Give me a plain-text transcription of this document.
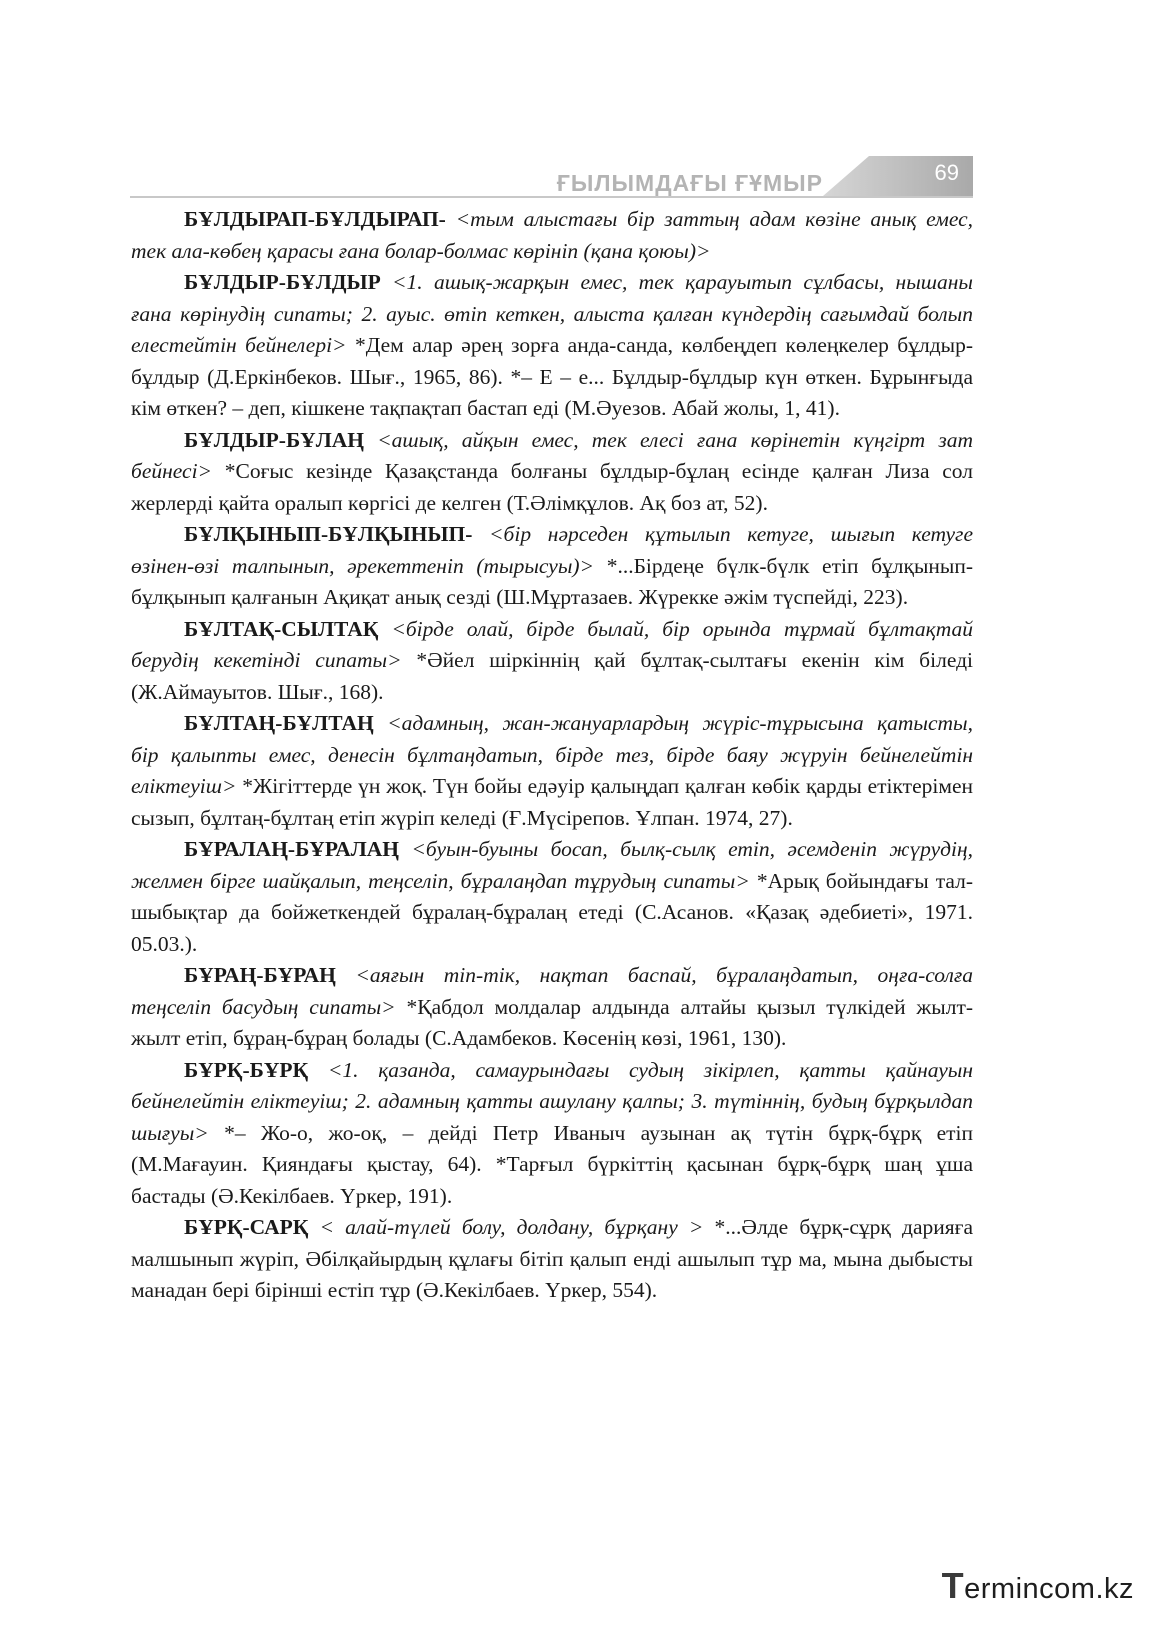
ҒЫЛЫМДАҒЫ ҒҰМЫР	69

БҰЛДЫРАП-БҰЛДЫРАП- <тым алыстағы бір заттың адам көзіне анық емес, тек ала-көбең қарасы ғана болар-болмас көрініп (қана қоюы)>

БҰЛДЫР-БҰЛДЫР <1. ашық-жарқын емес, тек қарауытып сұлбасы, нышаны ғана көрінудің сипаты; 2. ауыс. өтіп кеткен, алыста қалған күндердің сағымдай болып елестейтін бейнелері> *Дем алар әрең зорға анда-санда, көлбеңдеп көлеңкелер бұлдыр-бұлдыр (Д.Еркінбеков. Шығ., 1965, 86). *– Е – е... Бұлдыр-бұлдыр күн өткен. Бұрынғыда кім өткен? – деп, кішкене тақпақтап бастап еді (М.Әуезов. Абай жолы, 1, 41).

БҰЛДЫР-БҰЛАҢ <ашық, айқын емес, тек елесі ғана көрінетін күңгірт зат бейнесі> *Соғыс кезінде Қазақстанда болғаны бұлдыр-бұлаң есінде қалған Лиза сол жерлерді қайта оралып көргісі де келген (Т.Әлімқұлов. Ақ боз ат, 52).

БҰЛҚЫНЫП-БҰЛҚЫНЫП- <бір нәрседен құтылып кетуге, шығып кетуге өзінен-өзі талпынып, әрекеттеніп (тырысуы)> *...Бірдеңе бүлк-бүлк етіп бұлқынып-бұлқынып қалғанын Ақиқат анық сезді (Ш.Мұртазаев. Жүрекке әжім түспейді, 223).

БҰЛТАҚ-СЫЛТАҚ <бірде олай, бірде былай, бір орында тұрмай бұлтақтай берудің кекетінді сипаты> *Әйел шіркіннің қай бұлтақ-сылтағы екенін кім біледі (Ж.Аймауытов. Шығ., 168).

БҰЛТАҢ-БҰЛТАҢ <адамның, жан-жануарлардың жүріс-тұрысына қатысты, бір қалыпты емес, денесін бұлтаңдатып, бірде тез, бірде баяу жүруін бейнелейтін еліктеуіш> *Жігіттерде үн жоқ. Түн бойы едәуір қалыңдап қалған көбік қарды етіктерімен сызып, бұлтаң-бұлтаң етіп жүріп келеді (Ғ.Мүсірепов. Ұлпан. 1974, 27).

БҰРАЛАҢ-БҰРАЛАҢ <буын-буыны босап, былқ-сылқ етіп, әсемденіп жүрудің, желмен бірге шайқалып, теңселіп, бұралаңдап тұрудың сипаты> *Арық бойындағы тал-шыбықтар да бойжеткендей бұралаң-бұралаң етеді (С.Асанов. «Қазақ әдебиеті», 1971. 05.03.).

БҰРАҢ-БҰРАҢ <аяғын тіп-тік, нақтап баспай, бұралаңдатып, оңға-солға теңселіп басудың сипаты> *Қабдол молдалар алдында алтайы қызыл түлкідей жылт-жылт етіп, бұраң-бұраң болады (С.Адамбеков. Көсенің көзі, 1961, 130).

БҰРҚ-БҰРҚ <1. қазанда, самаурындағы судың зікірлеп, қатты қайнауын бейнелейтін еліктеуіш; 2. адамның қатты ашулану қалпы; 3. түтіннің, будың бұрқылдап шығуы> *– Жо-о, жо-оқ, – дейді Петр Иваныч аузынан ақ түтін бұрқ-бұрқ етіп (М.Мағауин. Қияндағы қыстау, 64). *Тарғыл бүркіттің қасынан бұрқ-бұрқ шаң ұша бастады (Ә.Кекілбаев. Үркер, 191).

БҰРҚ-САРҚ < алай-түлей болу, долдану, бұрқану > *...Әлде бұрқ-сұрқ дарияға малшынып жүріп, Әбілқайырдың құлағы бітіп қалып енді ашылып тұр ма, мына дыбысты манадан бері бірінші естіп тұр (Ә.Кекілбаев. Үркер, 554).

Termincom.kz
